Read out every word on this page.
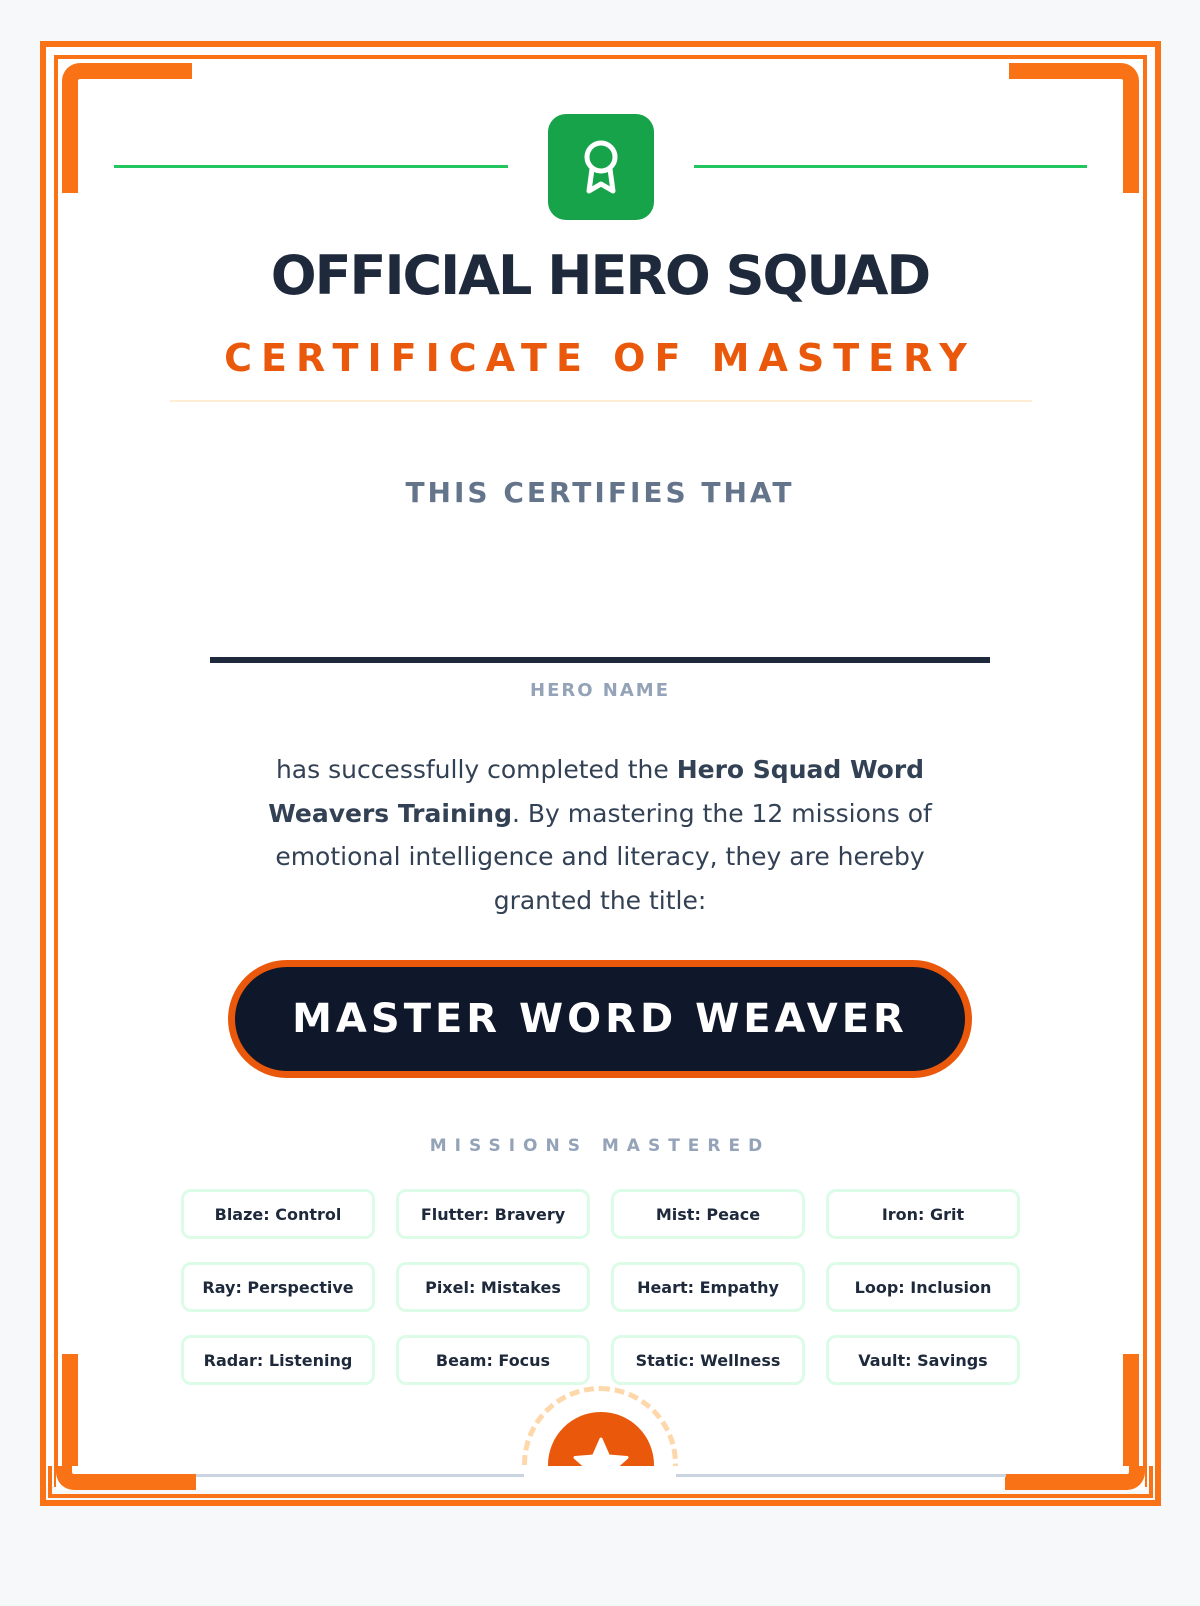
OFFICIAL HERO SQUAD
CERTIFICATE OF MASTERY
THIS CERTIFIES THAT
HERO NAME
has successfully completed the Hero Squad Word Weavers Training. By mastering the 12 missions of emotional intelligence and literacy, they are hereby granted the title:
MASTER WORD WEAVER
MISSIONS MASTERED
Blaze: Control	Flutter: Bravery	Mist: Peace	Iron: Grit
Ray: Perspective	Pixel: Mistakes	Heart: Empathy	Loop: Inclusion
Radar: Listening	Beam: Focus	Static: Wellness	Vault: Savings
